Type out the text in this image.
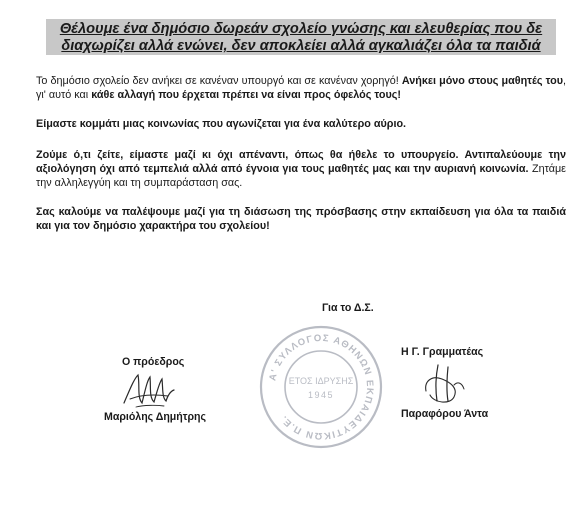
Θέλουμε ένα δημόσιο δωρεάν σχολείο γνώσης και ελευθερίας που δε
διαχωρίζει αλλά ενώνει, δεν αποκλείει αλλά αγκαλιάζει όλα τα παιδιά

Το δημόσιο σχολείο δεν ανήκει σε κανέναν υπουργό και σε κανέναν χορηγό! Ανήκει μόνο στους μαθητές του, γι' αυτό και κάθε αλλαγή που έρχεται πρέπει να είναι προς όφελός τους!

Είμαστε κομμάτι μιας κοινωνίας που αγωνίζεται για ένα καλύτερο αύριο.

Ζούμε ό,τι ζείτε, είμαστε μαζί κι όχι απέναντι, όπως θα ήθελε το υπουργείο. Αντιπαλεύουμε την αξιολόγηση όχι από τεμπελιά αλλά από έγνοια για τους μαθητές μας και την αυριανή κοινωνία. Ζητάμε την αλληλεγγύη και τη συμπαράσταση σας.

Σας καλούμε να παλέψουμε μαζί για τη διάσωση της πρόσβασης στην εκπαίδευση για όλα τα παιδιά και για τον δημόσιο χαρακτήρα του σχολείου!

Για το Δ.Σ.
Ο πρόεδρος
Μαριόλης Δημήτρης
Η Γ. Γραμματέας
Παραφόρου Άντα
Α' ΣΥΛΛΟΓΟΣ ΑΘΗΝΩΝ ΕΚΠΑΙΔΕΥΤΙΚΩΝ Π.Ε.
ΕΤΟΣ ΙΔΡΥΣΗΣ
1945
